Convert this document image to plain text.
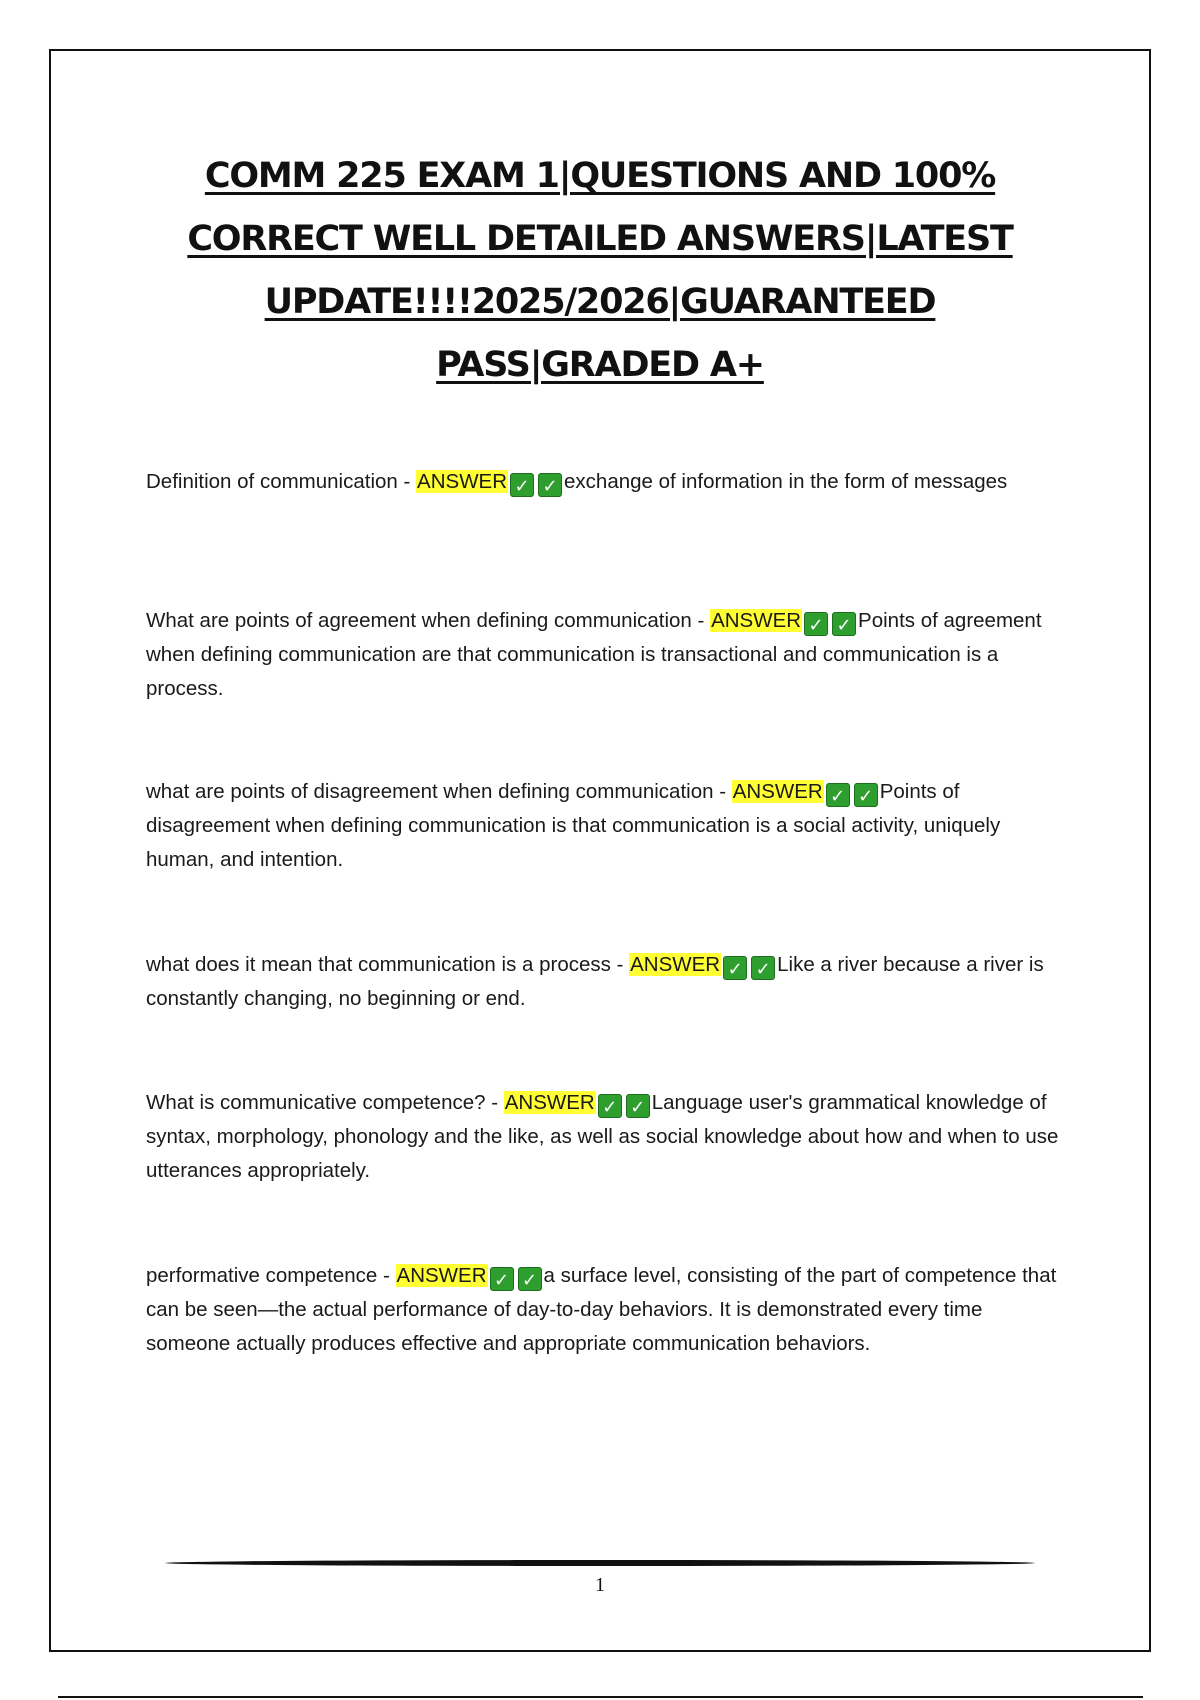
COMM 225 EXAM 1|QUESTIONS AND 100%
CORRECT WELL DETAILED ANSWERS|LATEST
UPDATE!!!!2025/2026|GUARANTEED
PASS|GRADED A+

Definition of communication - ANSWER ✓ ✓ exchange of information in the form of messages

What are points of agreement when defining communication - ANSWER ✓ ✓ Points of agreement when defining communication are that communication is transactional and communication is a process.

what are points of disagreement when defining communication - ANSWER ✓ ✓ Points of disagreement when defining communication is that communication is a social activity, uniquely human, and intention.

what does it mean that communication is a process - ANSWER ✓ ✓ Like a river because a river is constantly changing, no beginning or end.

What is communicative competence? - ANSWER ✓ ✓ Language user's grammatical knowledge of syntax, morphology, phonology and the like, as well as social knowledge about how and when to use utterances appropriately.

performative competence - ANSWER ✓ ✓ a surface level, consisting of the part of competence that can be seen—the actual performance of day-to-day behaviors. It is demonstrated every time someone actually produces effective and appropriate communication behaviors.

1
